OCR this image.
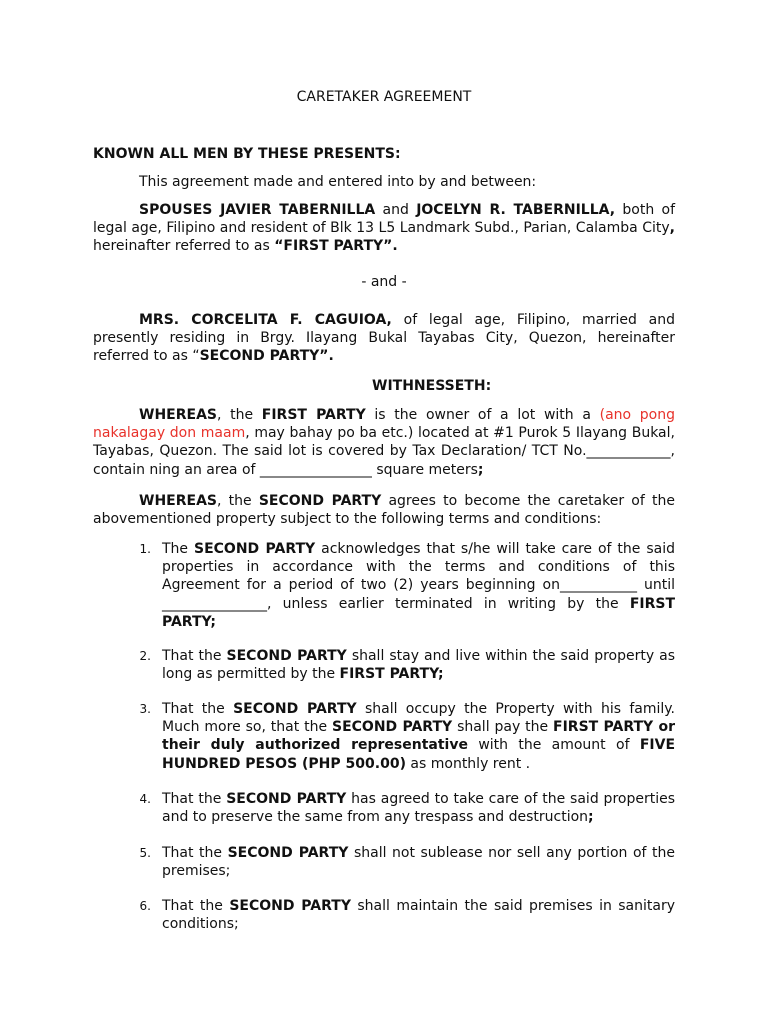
CARETAKER AGREEMENT
KNOWN ALL MEN BY THESE PRESENTS:
This agreement made and entered into by and between:
SPOUSES JAVIER TABERNILLA and JOCELYN R. TABERNILLA, both of legal age, Filipino and resident of Blk 13 L5 Landmark Subd., Parian, Calamba City, hereinafter referred to as “FIRST PARTY”.
- and -
MRS. CORCELITA F. CAGUIOA, of legal age, Filipino, married and presently residing in Brgy. Ilayang Bukal Tayabas City, Quezon, hereinafter referred to as “SECOND PARTY”.
WITHNESSETH:
WHEREAS, the FIRST PARTY is the owner of a lot with a (ano pong nakalagay don maam, may bahay po ba etc.) located at #1 Purok 5 Ilayang Bukal, Tayabas, Quezon. The said lot is covered by Tax Declaration/ TCT No.____________, contain ning an area of ________________ square meters;
WHEREAS, the SECOND PARTY agrees to become the caretaker of the abovementioned property subject to the following terms and conditions:
1. The SECOND PARTY acknowledges that s/he will take care of the said properties in accordance with the terms and conditions of this Agreement for a period of two (2) years beginning on___________ until _______________, unless earlier terminated in writing by the FIRST PARTY;
2. That the SECOND PARTY shall stay and live within the said property as long as permitted by the FIRST PARTY;
3. That the SECOND PARTY shall occupy the Property with his family. Much more so, that the SECOND PARTY shall pay the FIRST PARTY or their duly authorized representative with the amount of FIVE HUNDRED PESOS (PHP 500.00) as monthly rent .
4. That the SECOND PARTY has agreed to take care of the said properties and to preserve the same from any trespass and destruction;
5. That the SECOND PARTY shall not sublease nor sell any portion of the premises;
6. That the SECOND PARTY shall maintain the said premises in sanitary conditions;
